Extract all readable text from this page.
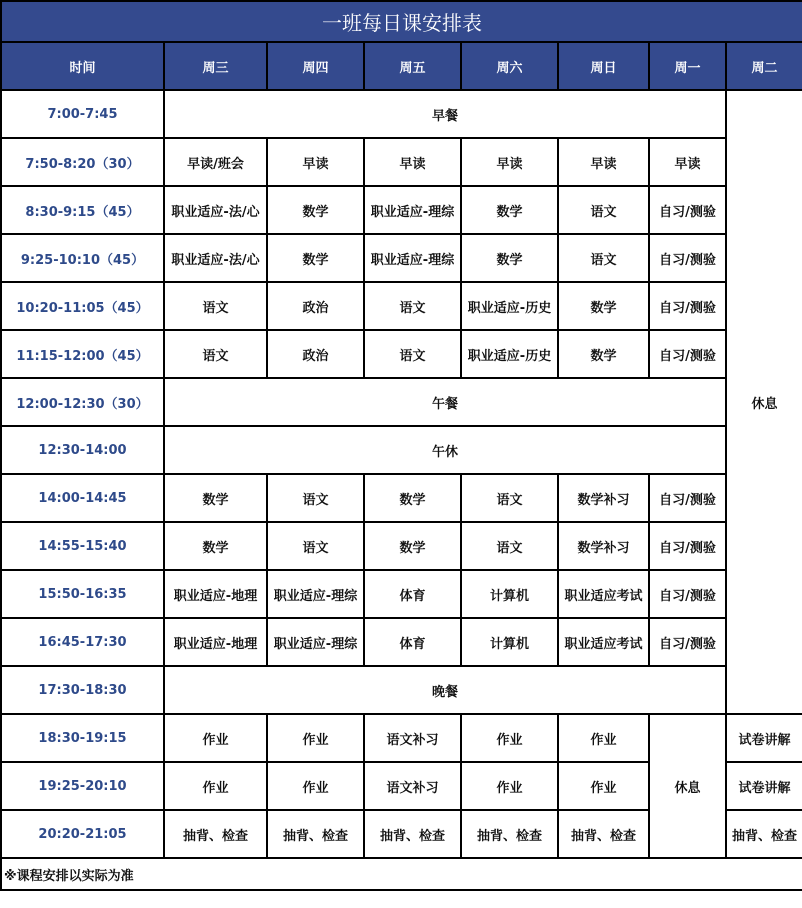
一班每日课安排表							
时间	周三	周四	周五	周六	周日	周一	周二
7:00-7:45	早餐						休息
7:50-8:20（30）	早读/班会	早读	早读	早读	早读	早读	
8:30-9:15（45）	职业适应-法/心	数学	职业适应-理综	数学	语文	自习/测验	
9:25-10:10（45）	职业适应-法/心	数学	职业适应-理综	数学	语文	自习/测验	
10:20-11:05（45）	语文	政治	语文	职业适应-历史	数学	自习/测验	
11:15-12:00（45）	语文	政治	语文	职业适应-历史	数学	自习/测验	
12:00-12:30（30）	午餐						
12:30-14:00	午休						
14:00-14:45	数学	语文	数学	语文	数学补习	自习/测验	
14:55-15:40	数学	语文	数学	语文	数学补习	自习/测验	
15:50-16:35	职业适应-地理	职业适应-理综	体育	计算机	职业适应考试	自习/测验	
16:45-17:30	职业适应-地理	职业适应-理综	体育	计算机	职业适应考试	自习/测验	
17:30-18:30	晚餐						
18:30-19:15	作业	作业	语文补习	作业	作业	休息	试卷讲解
19:25-20:10	作业	作业	语文补习	作业	作业		试卷讲解
20:20-21:05	抽背、检查	抽背、检查	抽背、检查	抽背、检查	抽背、检查		抽背、检查
※课程安排以实际为准							
